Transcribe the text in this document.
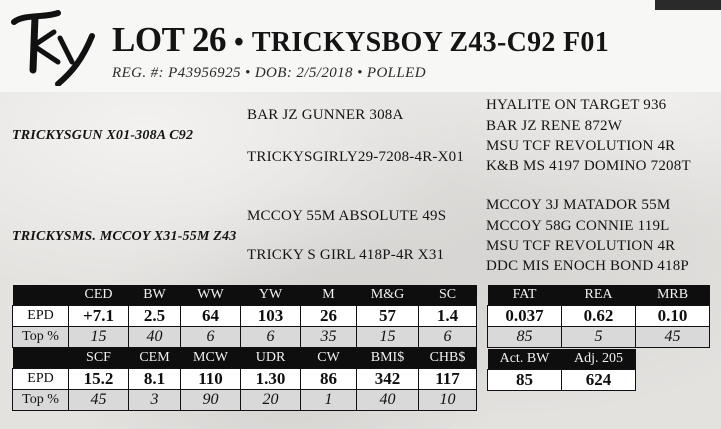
LOT 26 • TRICKYSBOY Z43-C92 F01
REG. #: P43956925 • DOB: 2/5/2018 • POLLED
TRICKYSGUN X01-308A C92
BAR JZ GUNNER 308A
TRICKYSGIRLY29-7208-4R-X01
HYALITE ON TARGET 936
BAR JZ RENE 872W
MSU TCF REVOLUTION 4R
K&B MS 4197 DOMINO 7208T
TRICKYSMS. MCCOY X31-55M Z43
MCCOY 55M ABSOLUTE 49S
TRICKY S GIRL 418P-4R X31
MCCOY 3J MATADOR 55M
MCCOY 58G CONNIE 119L
MSU TCF REVOLUTION 4R
DDC MIS ENOCH BOND 418P
	CED	BW	WW	YW	M	M&G	SC
EPD	+7.1	2.5	64	103	26	57	1.4
Top %	15	40	6	6	35	15	6
	SCF	CEM	MCW	UDR	CW	BMI$	CHB$
EPD	15.2	8.1	110	1.30	86	342	117
Top %	45	3	90	20	1	40	10
FAT	REA	MRB
0.037	0.62	0.10
85	5	45
Act. BW	Adj. 205
85	624
